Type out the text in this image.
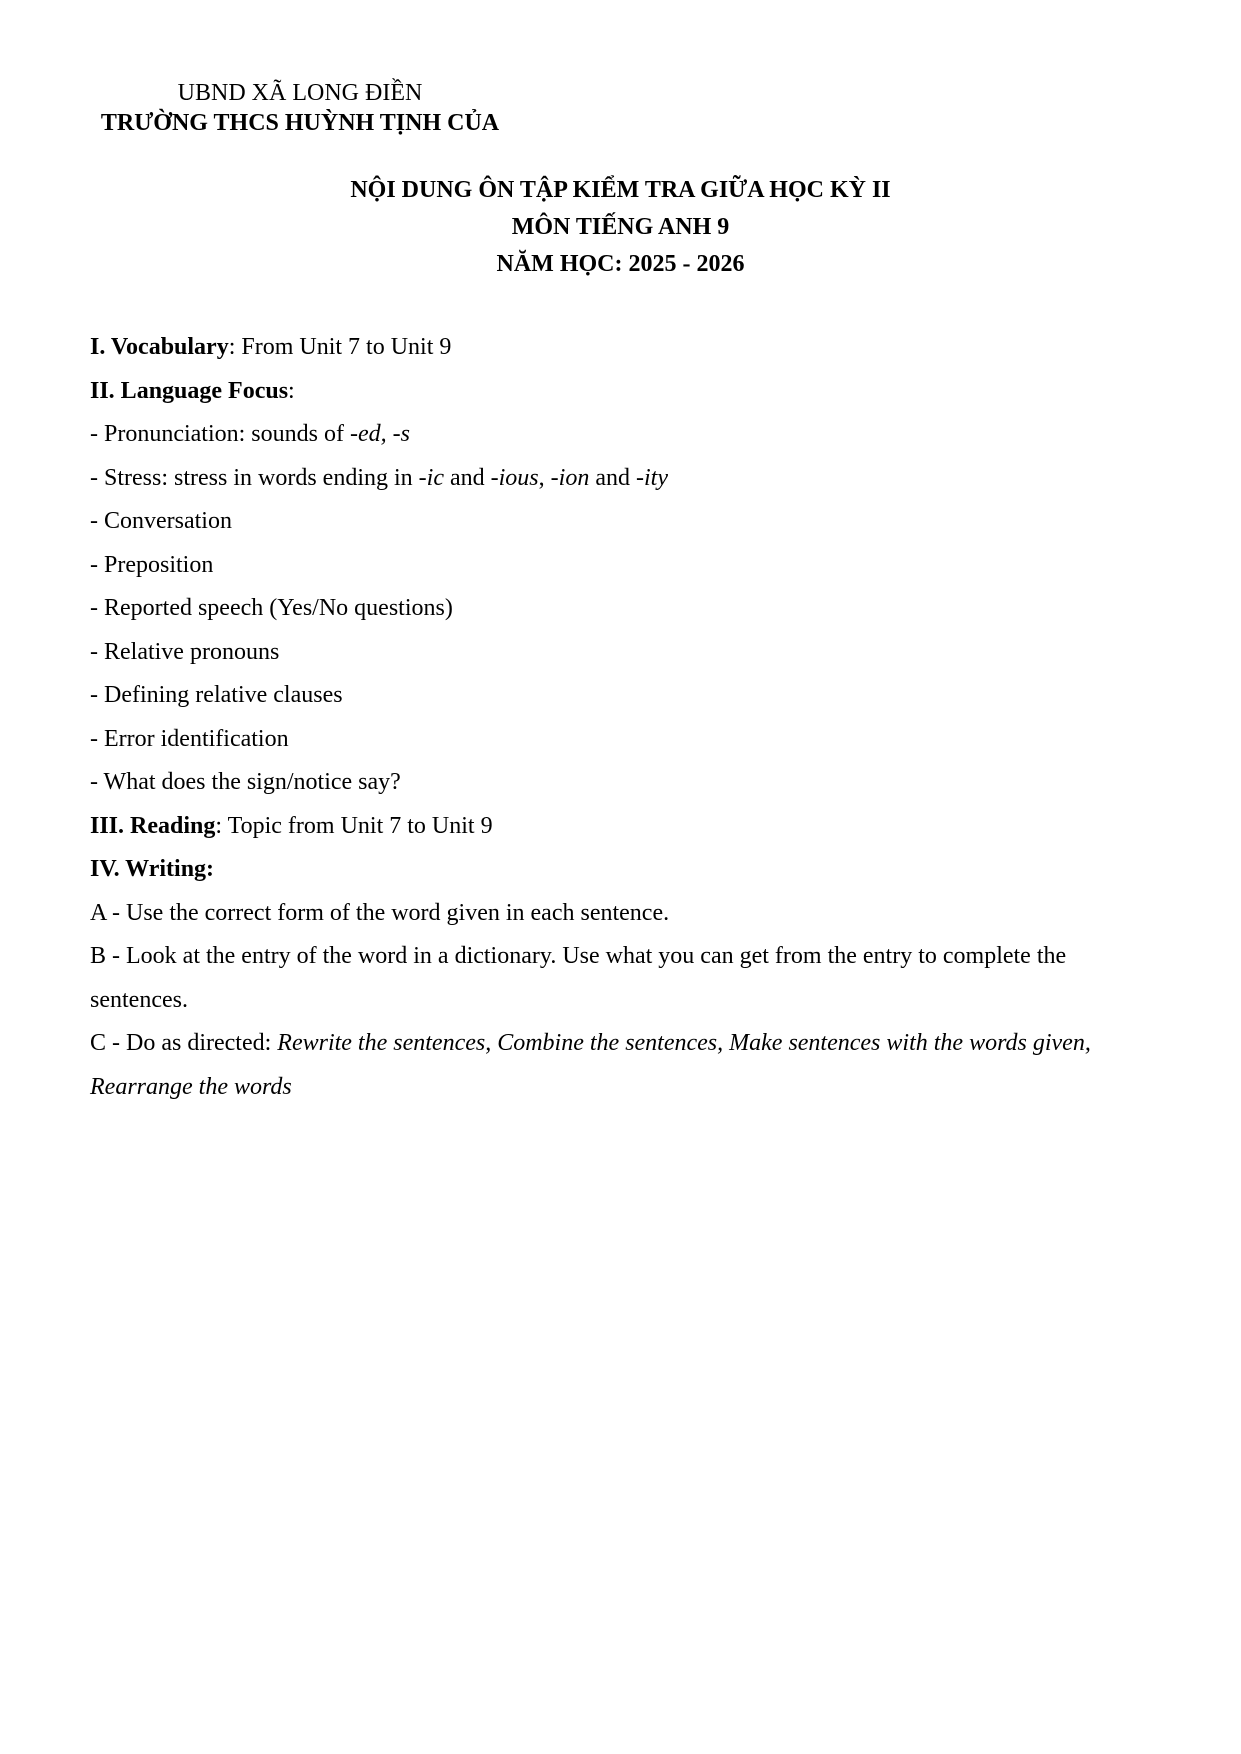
UBND XÃ LONG ĐIỀN
TRƯỜNG THCS HUỲNH TỊNH CỦA
NỘI DUNG ÔN TẬP KIỂM TRA GIỮA HỌC KỲ II
MÔN TIẾNG ANH 9
NĂM HỌC: 2025 - 2026
I. Vocabulary: From Unit 7 to Unit 9
II. Language Focus:
- Pronunciation: sounds of -ed, -s
- Stress: stress in words ending in -ic and -ious, -ion and -ity
- Conversation
- Preposition
- Reported speech (Yes/No questions)
- Relative pronouns
- Defining relative clauses
- Error identification
- What does the sign/notice say?
III. Reading: Topic from Unit 7 to Unit 9
IV. Writing:
A - Use the correct form of the word given in each sentence.
B - Look at the entry of the word in a dictionary. Use what you can get from the entry to complete the sentences.
C - Do as directed: Rewrite the sentences, Combine the sentences, Make sentences with the words given, Rearrange the words
